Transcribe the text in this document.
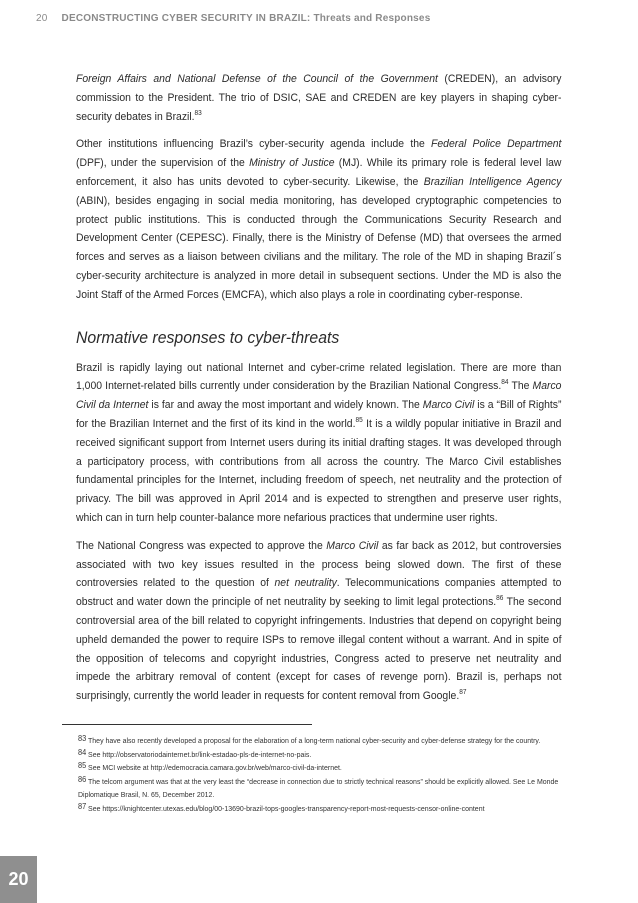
20 DECONSTRUCTING CYBER SECURITY IN BRAZIL: Threats and Responses

Foreign Affairs and National Defense of the Council of the Government (CREDEN), an advisory commission to the President. The trio of DSIC, SAE and CREDEN are key players in shaping cyber-security debates in Brazil.$^{83}$

Other institutions influencing Brazil’s cyber-security agenda include the Federal Police Department (DPF), under the supervision of the Ministry of Justice (MJ). While its primary role is federal level law enforcement, it also has units devoted to cyber-security. Likewise, the Brazilian Intelligence Agency (ABIN), besides engaging in social media monitoring, has developed cryptographic competencies to protect public institutions. This is conducted through the Communications Security Research and Development Center (CEPESC). Finally, there is the Ministry of Defense (MD) that oversees the armed forces and serves as a liaison between civilians and the military. The role of the MD in shaping Brazil´s cyber-security architecture is analyzed in more detail in subsequent sections. Under the MD is also the Joint Staff of the Armed Forces (EMCFA), which also plays a role in coordinating cyber-response.

Normative responses to cyber-threats

Brazil is rapidly laying out national Internet and cyber-crime related legislation. There are more than 1,000 Internet-related bills currently under consideration by the Brazilian National Congress.$^{84}$ The Marco Civil da Internet is far and away the most important and widely known. The Marco Civil is a “Bill of Rights” for the Brazilian Internet and the first of its kind in the world.$^{85}$ It is a wildly popular initiative in Brazil and received significant support from Internet users during its initial drafting stages. It was developed through a participatory process, with contributions from all across the country. The Marco Civil establishes fundamental principles for the Internet, including freedom of speech, net neutrality and the protection of privacy. The bill was approved in April 2014 and is expected to strengthen and preserve user rights, which can in turn help counter-balance more nefarious practices that undermine user rights.

The National Congress was expected to approve the Marco Civil as far back as 2012, but controversies associated with two key issues resulted in the process being slowed down. The first of these controversies related to the question of net neutrality. Telecommunications companies attempted to obstruct and water down the principle of net neutrality by seeking to limit legal protections.$^{86}$ The second controversial area of the bill related to copyright infringements. Industries that depend on copyright being upheld demanded the power to require ISPs to remove illegal content without a warrant. And in spite of the opposition of telecoms and copyright industries, Congress acted to preserve net neutrality and impede the arbitrary removal of content (except for cases of revenge porn). Brazil is, perhaps not surprisingly, currently the world leader in requests for content removal from Google.$^{87}$

$^{83}$ They have also recently developed a proposal for the elaboration of a long-term national cyber-security and cyber-defense strategy for the country.
$^{84}$ See http://observatoriodainternet.br/link-estadao-pls-de-internet-no-pais.
$^{85}$ See MCI website at http://edemocracia.camara.gov.br/web/marco-civil-da-internet.
$^{86}$ The telcom argument was that at the very least the “decrease in connection due to strictly technical reasons” should be explicitly allowed. See Le Monde Diplomatique Brasil, N. 65, December 2012.
$^{87}$ See https://knightcenter.utexas.edu/blog/00-13690-brazil-tops-googles-transparency-report-most-requests-censor-online-content
20
